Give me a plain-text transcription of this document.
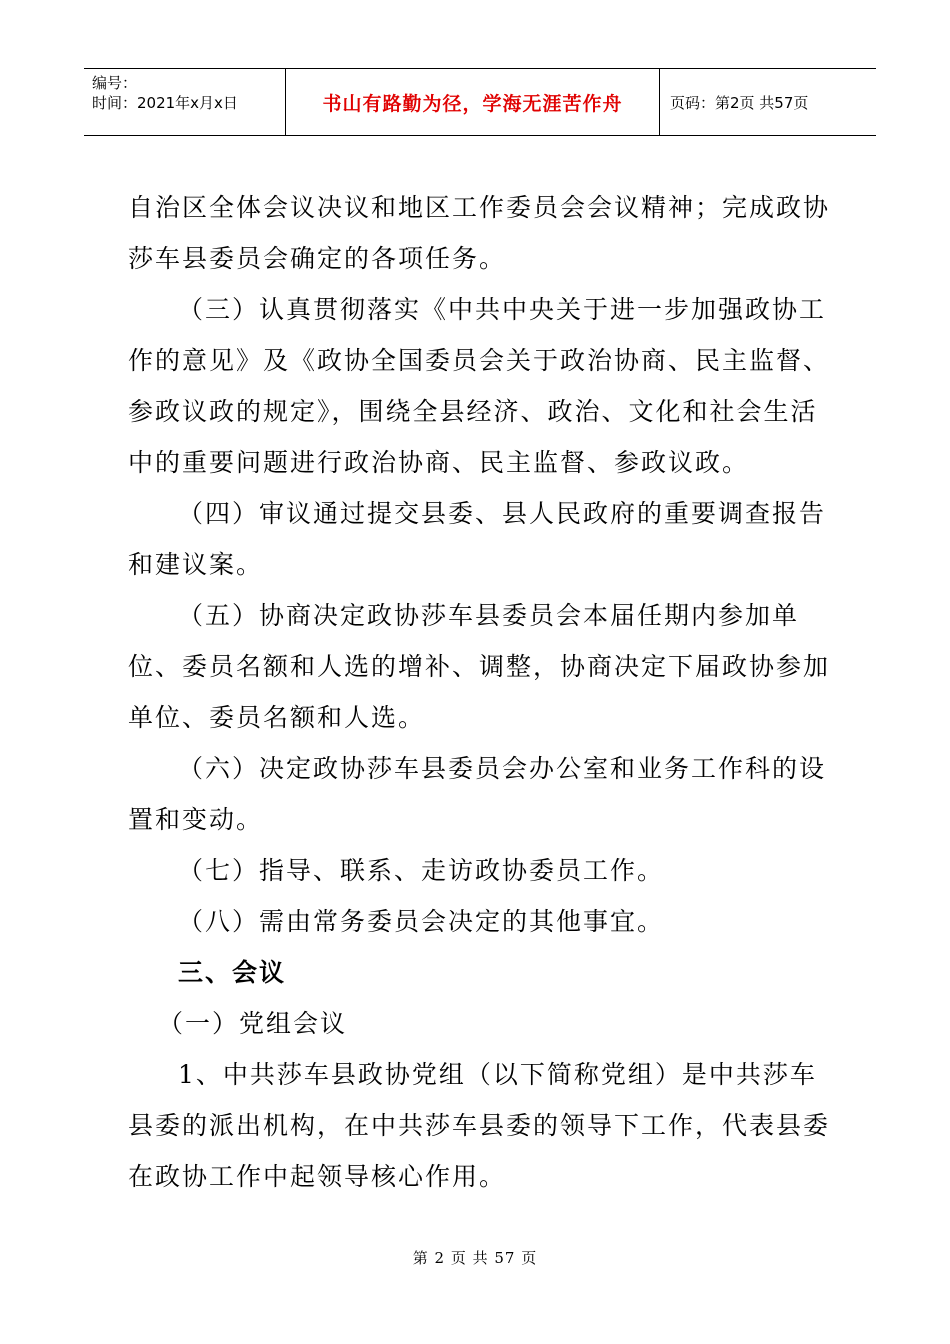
编号：
时间：2021年x月x日	书山有路勤为径，学海无涯苦作舟	页码：第2页 共57页

自治区全体会议决议和地区工作委员会会议精神；完成政协莎车县委员会确定的各项任务。

（三）认真贯彻落实《中共中央关于进一步加强政协工作的意见》及《政协全国委员会关于政治协商、民主监督、参政议政的规定》，围绕全县经济、政治、文化和社会生活中的重要问题进行政治协商、民主监督、参政议政。

（四）审议通过提交县委、县人民政府的重要调查报告和建议案。

（五）协商决定政协莎车县委员会本届任期内参加单位、委员名额和人选的增补、调整，协商决定下届政协参加单位、委员名额和人选。

（六）决定政协莎车县委员会办公室和业务工作科的设置和变动。

（七）指导、联系、走访政协委员工作。

（八）需由常务委员会决定的其他事宜。

三、会议

（一）党组会议

1、中共莎车县政协党组（以下简称党组）是中共莎车县委的派出机构，在中共莎车县委的领导下工作，代表县委在政协工作中起领导核心作用。

第 2 页 共 57 页
